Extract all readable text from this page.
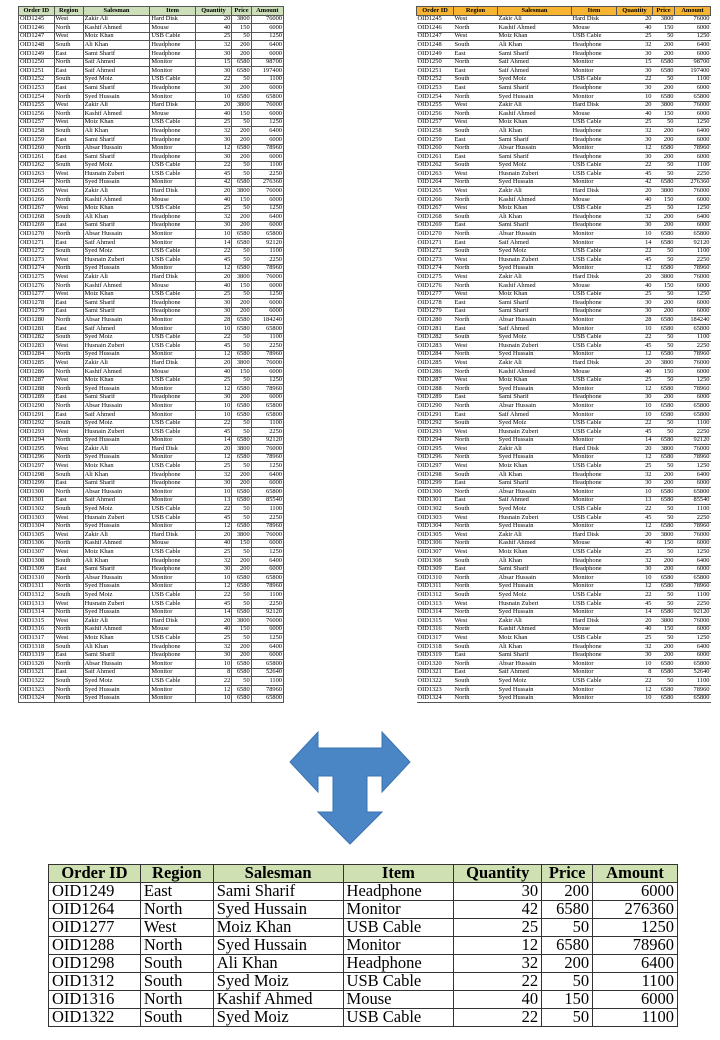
Order ID	Region	Salesman	Item	Quantity	Price	Amount
OID1245	West	Zakir Ali	Hard Disk	20	3800	76000
OID1246	North	Kashif Ahmed	Mouse	40	150	6000
OID1247	West	Moiz Khan	USB Cable	25	50	1250
OID1248	South	Ali Khan	Headphone	32	200	6400
OID1249	East	Sami Sharif	Headphone	30	200	6000
OID1250	North	Saif Ahmed	Monitor	15	6580	98700
OID1251	East	Saif Ahmed	Monitor	30	6580	197400
OID1252	South	Syed Moiz	USB Cable	22	50	1100
OID1253	East	Sami Sharif	Headphone	30	200	6000
OID1254	North	Syed Hussain	Monitor	10	6580	65800
OID1255	West	Zakir Ali	Hard Disk	20	3800	76000
OID1256	North	Kashif Ahmed	Mouse	40	150	6000
OID1257	West	Moiz Khan	USB Cable	25	50	1250
OID1258	South	Ali Khan	Headphone	32	200	6400
OID1259	East	Sami Sharif	Headphone	30	200	6000
OID1260	North	Absar Hussain	Monitor	12	6580	78960
OID1261	East	Sami Sharif	Headphone	30	200	6000
OID1262	South	Syed Moiz	USB Cable	22	50	1100
OID1263	West	Husnain Zuberi	USB Cable	45	50	2250
OID1264	North	Syed Hussain	Monitor	42	6580	276360
OID1265	West	Zakir Ali	Hard Disk	20	3800	76000
OID1266	North	Kashif Ahmed	Mouse	40	150	6000
OID1267	West	Moiz Khan	USB Cable	25	50	1250
OID1268	South	Ali Khan	Headphone	32	200	6400
OID1269	East	Sami Sharif	Headphone	30	200	6000
OID1270	North	Absar Hussain	Monitor	10	6580	65800
OID1271	East	Saif Ahmed	Monitor	14	6580	92120
OID1272	South	Syed Moiz	USB Cable	22	50	1100
OID1273	West	Husnain Zuberi	USB Cable	45	50	2250
OID1274	North	Syed Hussain	Monitor	12	6580	78960
OID1275	West	Zakir Ali	Hard Disk	20	3800	76000
OID1276	North	Kashif Ahmed	Mouse	40	150	6000
OID1277	West	Moiz Khan	USB Cable	25	50	1250
OID1278	East	Sami Sharif	Headphone	30	200	6000
OID1279	East	Sami Sharif	Headphone	30	200	6000
OID1280	North	Absar Hussain	Monitor	28	6580	184240
OID1281	East	Saif Ahmed	Monitor	10	6580	65800
OID1282	South	Syed Moiz	USB Cable	22	50	1100
OID1283	West	Husnain Zuberi	USB Cable	45	50	2250
OID1284	North	Syed Hussain	Monitor	12	6580	78960
OID1285	West	Zakir Ali	Hard Disk	20	3800	76000
OID1286	North	Kashif Ahmed	Mouse	40	150	6000
OID1287	West	Moiz Khan	USB Cable	25	50	1250
OID1288	North	Syed Hussain	Monitor	12	6580	78960
OID1289	East	Sami Sharif	Headphone	30	200	6000
OID1290	North	Absar Hussain	Monitor	10	6580	65800
OID1291	East	Saif Ahmed	Monitor	10	6580	65800
OID1292	South	Syed Moiz	USB Cable	22	50	1100
OID1293	West	Husnain Zuberi	USB Cable	45	50	2250
OID1294	North	Syed Hussain	Monitor	14	6580	92120
OID1295	West	Zakir Ali	Hard Disk	20	3800	76000
OID1296	North	Syed Hussain	Monitor	12	6580	78960
OID1297	West	Moiz Khan	USB Cable	25	50	1250
OID1298	South	Ali Khan	Headphone	32	200	6400
OID1299	East	Sami Sharif	Headphone	30	200	6000
OID1300	North	Absar Hussain	Monitor	10	6580	65800
OID1301	East	Saif Ahmed	Monitor	13	6580	85540
OID1302	South	Syed Moiz	USB Cable	22	50	1100
OID1303	West	Husnain Zuberi	USB Cable	45	50	2250
OID1304	North	Syed Hussain	Monitor	12	6580	78960
OID1305	West	Zakir Ali	Hard Disk	20	3800	76000
OID1306	North	Kashif Ahmed	Mouse	40	150	6000
OID1307	West	Moiz Khan	USB Cable	25	50	1250
OID1308	South	Ali Khan	Headphone	32	200	6400
OID1309	East	Sami Sharif	Headphone	30	200	6000
OID1310	North	Absar Hussain	Monitor	10	6580	65800
OID1311	North	Syed Hussain	Monitor	12	6580	78960
OID1312	South	Syed Moiz	USB Cable	22	50	1100
OID1313	West	Husnain Zuberi	USB Cable	45	50	2250
OID1314	North	Syed Hussain	Monitor	14	6580	92120
OID1315	West	Zakir Ali	Hard Disk	20	3800	76000
OID1316	North	Kashif Ahmed	Mouse	40	150	6000
OID1317	West	Moiz Khan	USB Cable	25	50	1250
OID1318	South	Ali Khan	Headphone	32	200	6400
OID1319	East	Sami Sharif	Headphone	30	200	6000
OID1320	North	Absar Hussain	Monitor	10	6580	65800
OID1321	East	Saif Ahmed	Monitor	8	6580	52640
OID1322	South	Syed Moiz	USB Cable	22	50	1100
OID1323	North	Syed Hussain	Monitor	12	6580	78960
OID1324	North	Syed Hussain	Monitor	10	6580	65800
Order ID	Region	Salesman	Item	Quantity	Price	Amount
OID1245	West	Zakir Ali	Hard Disk	20	3800	76000
OID1246	North	Kashif Ahmed	Mouse	40	150	6000
OID1247	West	Moiz Khan	USB Cable	25	50	1250
OID1248	South	Ali Khan	Headphone	32	200	6400
OID1249	East	Sami Sharif	Headphone	30	200	6000
OID1250	North	Saif Ahmed	Monitor	15	6580	98700
OID1251	East	Saif Ahmed	Monitor	30	6580	197400
OID1252	South	Syed Moiz	USB Cable	22	50	1100
OID1253	East	Sami Sharif	Headphone	30	200	6000
OID1254	North	Syed Hussain	Monitor	10	6580	65800
OID1255	West	Zakir Ali	Hard Disk	20	3800	76000
OID1256	North	Kashif Ahmed	Mouse	40	150	6000
OID1257	West	Moiz Khan	USB Cable	25	50	1250
OID1258	South	Ali Khan	Headphone	32	200	6400
OID1259	East	Sami Sharif	Headphone	30	200	6000
OID1260	North	Absar Hussain	Monitor	12	6580	78960
OID1261	East	Sami Sharif	Headphone	30	200	6000
OID1262	South	Syed Moiz	USB Cable	22	50	1100
OID1263	West	Husnain Zuberi	USB Cable	45	50	2250
OID1264	North	Syed Hussain	Monitor	42	6580	276360
OID1265	West	Zakir Ali	Hard Disk	20	3800	76000
OID1266	North	Kashif Ahmed	Mouse	40	150	6000
OID1267	West	Moiz Khan	USB Cable	25	50	1250
OID1268	South	Ali Khan	Headphone	32	200	6400
OID1269	East	Sami Sharif	Headphone	30	200	6000
OID1270	North	Absar Hussain	Monitor	10	6580	65800
OID1271	East	Saif Ahmed	Monitor	14	6580	92120
OID1272	South	Syed Moiz	USB Cable	22	50	1100
OID1273	West	Husnain Zuberi	USB Cable	45	50	2250
OID1274	North	Syed Hussain	Monitor	12	6580	78960
OID1275	West	Zakir Ali	Hard Disk	20	3800	76000
OID1276	North	Kashif Ahmed	Mouse	40	150	6000
OID1277	West	Moiz Khan	USB Cable	25	50	1250
OID1278	East	Sami Sharif	Headphone	30	200	6000
OID1279	East	Sami Sharif	Headphone	30	200	6000
OID1280	North	Absar Hussain	Monitor	28	6580	184240
OID1281	East	Saif Ahmed	Monitor	10	6580	65800
OID1282	South	Syed Moiz	USB Cable	22	50	1100
OID1283	West	Husnain Zuberi	USB Cable	45	50	2250
OID1284	North	Syed Hussain	Monitor	12	6580	78960
OID1285	West	Zakir Ali	Hard Disk	20	3800	76000
OID1286	North	Kashif Ahmed	Mouse	40	150	6000
OID1287	West	Moiz Khan	USB Cable	25	50	1250
OID1288	North	Syed Hussain	Monitor	12	6580	78960
OID1289	East	Sami Sharif	Headphone	30	200	6000
OID1290	North	Absar Hussain	Monitor	10	6580	65800
OID1291	East	Saif Ahmed	Monitor	10	6580	65800
OID1292	South	Syed Moiz	USB Cable	22	50	1100
OID1293	West	Husnain Zuberi	USB Cable	45	50	2250
OID1294	North	Syed Hussain	Monitor	14	6580	92120
OID1295	West	Zakir Ali	Hard Disk	20	3800	76000
OID1296	North	Syed Hussain	Monitor	12	6580	78960
OID1297	West	Moiz Khan	USB Cable	25	50	1250
OID1298	South	Ali Khan	Headphone	32	200	6400
OID1299	East	Sami Sharif	Headphone	30	200	6000
OID1300	North	Absar Hussain	Monitor	10	6580	65800
OID1301	East	Saif Ahmed	Monitor	13	6580	85540
OID1302	South	Syed Moiz	USB Cable	22	50	1100
OID1303	West	Husnain Zuberi	USB Cable	45	50	2250
OID1304	North	Syed Hussain	Monitor	12	6580	78960
OID1305	West	Zakir Ali	Hard Disk	20	3800	76000
OID1306	North	Kashif Ahmed	Mouse	40	150	6000
OID1307	West	Moiz Khan	USB Cable	25	50	1250
OID1308	South	Ali Khan	Headphone	32	200	6400
OID1309	East	Sami Sharif	Headphone	30	200	6000
OID1310	North	Absar Hussain	Monitor	10	6580	65800
OID1311	North	Syed Hussain	Monitor	12	6580	78960
OID1312	South	Syed Moiz	USB Cable	22	50	1100
OID1313	West	Husnain Zuberi	USB Cable	45	50	2250
OID1314	North	Syed Hussain	Monitor	14	6580	92120
OID1315	West	Zakir Ali	Hard Disk	20	3800	76000
OID1316	North	Kashif Ahmed	Mouse	40	150	6000
OID1317	West	Moiz Khan	USB Cable	25	50	1250
OID1318	South	Ali Khan	Headphone	32	200	6400
OID1319	East	Sami Sharif	Headphone	30	200	6000
OID1320	North	Absar Hussain	Monitor	10	6580	65800
OID1321	East	Saif Ahmed	Monitor	8	6580	52640
OID1322	South	Syed Moiz	USB Cable	22	50	1100
OID1323	North	Syed Hussain	Monitor	12	6580	78960
OID1324	North	Syed Hussain	Monitor	10	6580	65800
Order ID	Region	Salesman	Item	Quantity	Price	Amount
OID1249	East	Sami Sharif	Headphone	30	200	6000
OID1264	North	Syed Hussain	Monitor	42	6580	276360
OID1277	West	Moiz Khan	USB Cable	25	50	1250
OID1288	North	Syed Hussain	Monitor	12	6580	78960
OID1298	South	Ali Khan	Headphone	32	200	6400
OID1312	South	Syed Moiz	USB Cable	22	50	1100
OID1316	North	Kashif Ahmed	Mouse	40	150	6000
OID1322	South	Syed Moiz	USB Cable	22	50	1100
